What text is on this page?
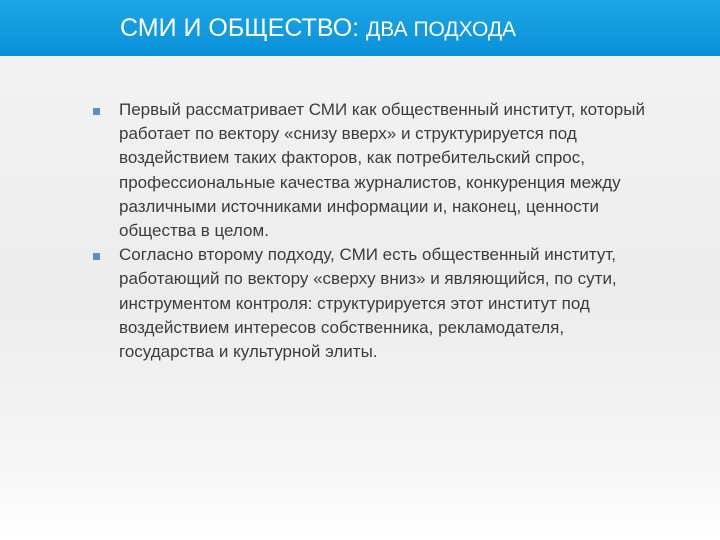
СМИ И ОБЩЕСТВО: ДВА ПОДХОДА
Первый рассматривает СМИ как общественный институт, который работает по вектору «снизу вверх» и структурируется под воздействием таких факторов, как потребительский спрос, профессиональные качества журналистов, конкуренция между различными источниками информации и, наконец, ценности общества в целом.
Согласно второму подходу, СМИ есть общественный институт, работающий по вектору «сверху вниз» и являющийся, по сути, инструментом контроля: структурируется этот институт под воздействием интересов собственника, рекламодателя, государства и культурной элиты.
